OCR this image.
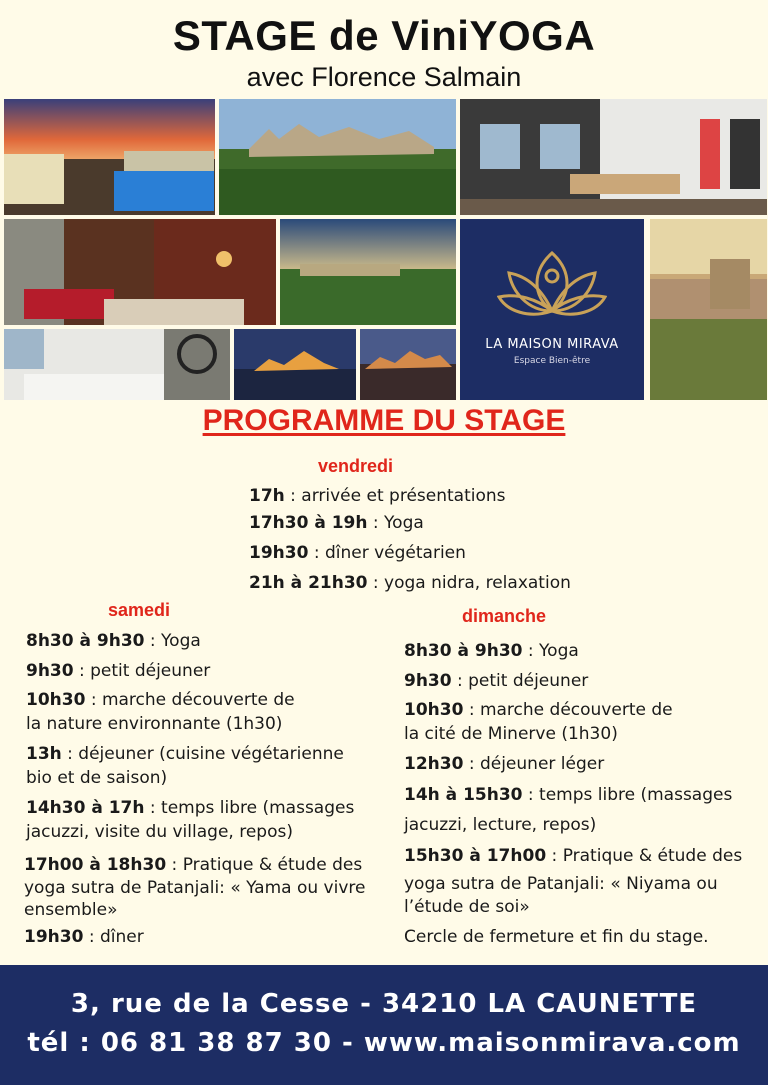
STAGE de ViniYOGA
avec Florence Salmain
LA MAISON MIRAVA
Espace Bien-être
PROGRAMME DU STAGE
vendredi
17h : arrivée et présentations
17h30 à 19h : Yoga
19h30 : dîner végétarien
21h à 21h30 : yoga nidra, relaxation
samedi
8h30 à 9h30 : Yoga
9h30 : petit déjeuner
10h30 : marche découverte de
la nature environnante (1h30)
13h : déjeuner (cuisine végétarienne
bio et de saison)
14h30 à 17h : temps libre (massages
jacuzzi, visite du village, repos)
17h00 à 18h30 : Pratique & étude des
yoga sutra de Patanjali: « Yama ou vivre
ensemble»
19h30 : dîner
dimanche
8h30 à 9h30 : Yoga
9h30 : petit déjeuner
10h30 : marche découverte de
la cité de Minerve (1h30)
12h30 : déjeuner léger
14h à 15h30 : temps libre (massages
jacuzzi, lecture, repos)
15h30 à 17h00 : Pratique & étude des
yoga sutra de Patanjali: « Niyama ou
l’étude de soi»
Cercle de fermeture et fin du stage.
3, rue de la Cesse - 34210 LA CAUNETTE
tél : 06 81 38 87 30 - www.maisonmirava.com
